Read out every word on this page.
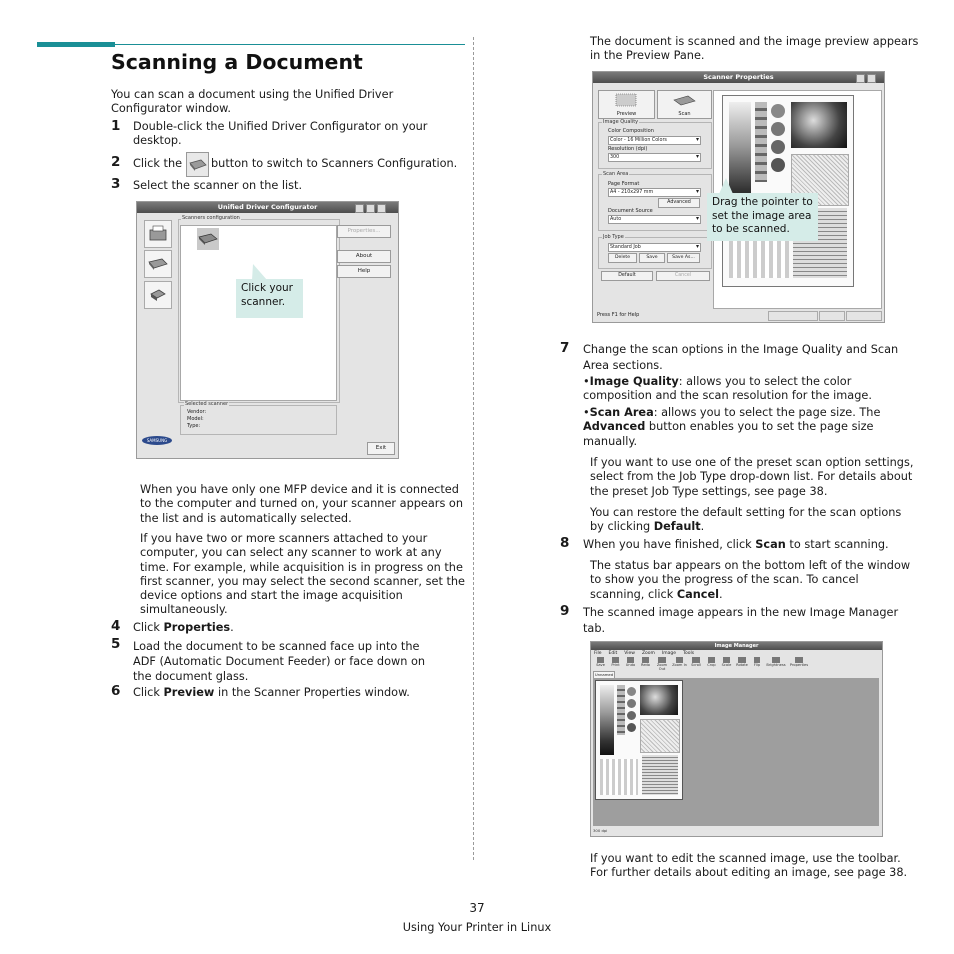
Scanning a Document
You can scan a document using the Unified Driver Configurator window.
1 Double-click the Unified Driver Configurator on your desktop.
2 Click the	button to switch to Scanners Configuration.
3 Select the scanner on the list.
Unified Driver Configurator
Scanners configuration
Properties...
About
Help
Selected scanner
Vendor:
Model:
Type:
SAMSUNG
Exit
Click your scanner.
When you have only one MFP device and it is connected to the computer and turned on, your scanner appears on the list and is automatically selected.
If you have two or more scanners attached to your computer, you can select any scanner to work at any time. For example, while acquisition is in progress on the first scanner, you may select the second scanner, set the device options and start the image acquisition simultaneously.
4 Click Properties.
5 Load the document to be scanned face up into the ADF (Automatic Document Feeder) or face down on the document glass.
6 Click Preview in the Scanner Properties window.
The document is scanned and the image preview appears in the Preview Pane.
Scanner Properties
Preview	Scan
Image Quality
Color Composition
Color - 16 Million Colors ▾
Resolution (dpi)
300 ▾
Scan Area
Page Format
A4 - 210x297 mm ▾
Advanced
Document Source
Auto ▾
Job Type
Standard Job ▾
Delete	Save	Save As...
Default	Cancel
Press F1 for Help
Drag the pointer to set the image area to be scanned.
7 Change the scan options in the Image Quality and Scan Area sections.
•Image Quality: allows you to select the color composition and the scan resolution for the image.
•Scan Area: allows you to select the page size. The Advanced button enables you to set the page size manually.
If you want to use one of the preset scan option settings, select from the Job Type drop-down list. For details about the preset Job Type settings, see page 38.
You can restore the default setting for the scan options by clicking Default.
8 When you have finished, click Scan to start scanning.
The status bar appears on the bottom left of the window to show you the progress of the scan. To cancel scanning, click Cancel.
9 The scanned image appears in the new Image Manager tab.
Image Manager
File Edit View Zoom Image Tools
Save	Print	Undo	Redo	Zoom Out
Zoom In	Scroll	Crop	Scale	Rotate	Flip	Brightness	Properties
Unnamed
300 dpi
If you want to edit the scanned image, use the toolbar. For further details about editing an image, see page 38.
37
Using Your Printer in Linux
